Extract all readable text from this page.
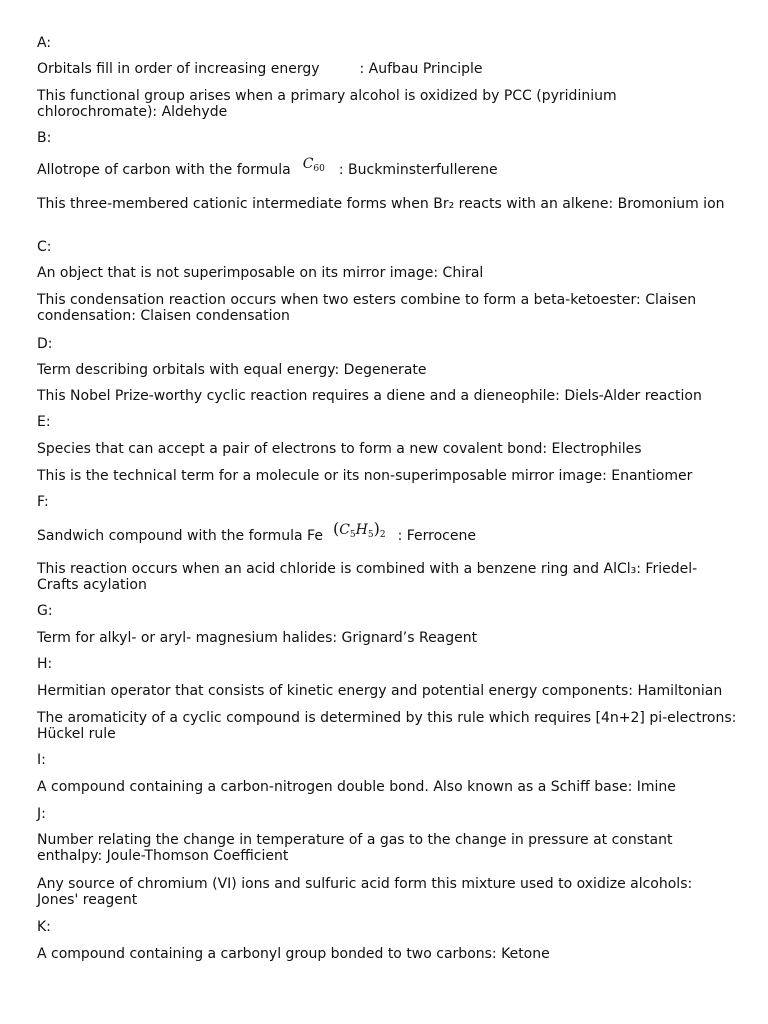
A:
Orbitals fill in order of increasing energy	: Aufbau Principle
This functional group arises when a primary alcohol is oxidized by PCC (pyridinium chlorochromate): Aldehyde
B:
Allotrope of carbon with the formula $C_{60}$ : Buckminsterfullerene
This three-membered cationic intermediate forms when Br₂ reacts with an alkene: Bromonium ion
C:
An object that is not superimposable on its mirror image: Chiral
This condensation reaction occurs when two esters combine to form a beta-ketoester: Claisen condensation: Claisen condensation
D:
Term describing orbitals with equal energy: Degenerate
This Nobel Prize-worthy cyclic reaction requires a diene and a dieneophile: Diels-Alder reaction
E:
Species that can accept a pair of electrons to form a new covalent bond: Electrophiles
This is the technical term for a molecule or its non-superimposable mirror image: Enantiomer
F:
Sandwich compound with the formula Fe $(C_5H_5)_2$ : Ferrocene
This reaction occurs when an acid chloride is combined with a benzene ring and AlCl₃: Friedel-Crafts acylation
G:
Term for alkyl- or aryl- magnesium halides: Grignard’s Reagent
H:
Hermitian operator that consists of kinetic energy and potential energy components: Hamiltonian
The aromaticity of a cyclic compound is determined by this rule which requires [4n+2] pi-electrons: Hückel rule
I:
A compound containing a carbon-nitrogen double bond. Also known as a Schiff base: Imine
J:
Number relating the change in temperature of a gas to the change in pressure at constant enthalpy: Joule-Thomson Coefficient
Any source of chromium (VI) ions and sulfuric acid form this mixture used to oxidize alcohols: Jones' reagent
K:
A compound containing a carbonyl group bonded to two carbons: Ketone
